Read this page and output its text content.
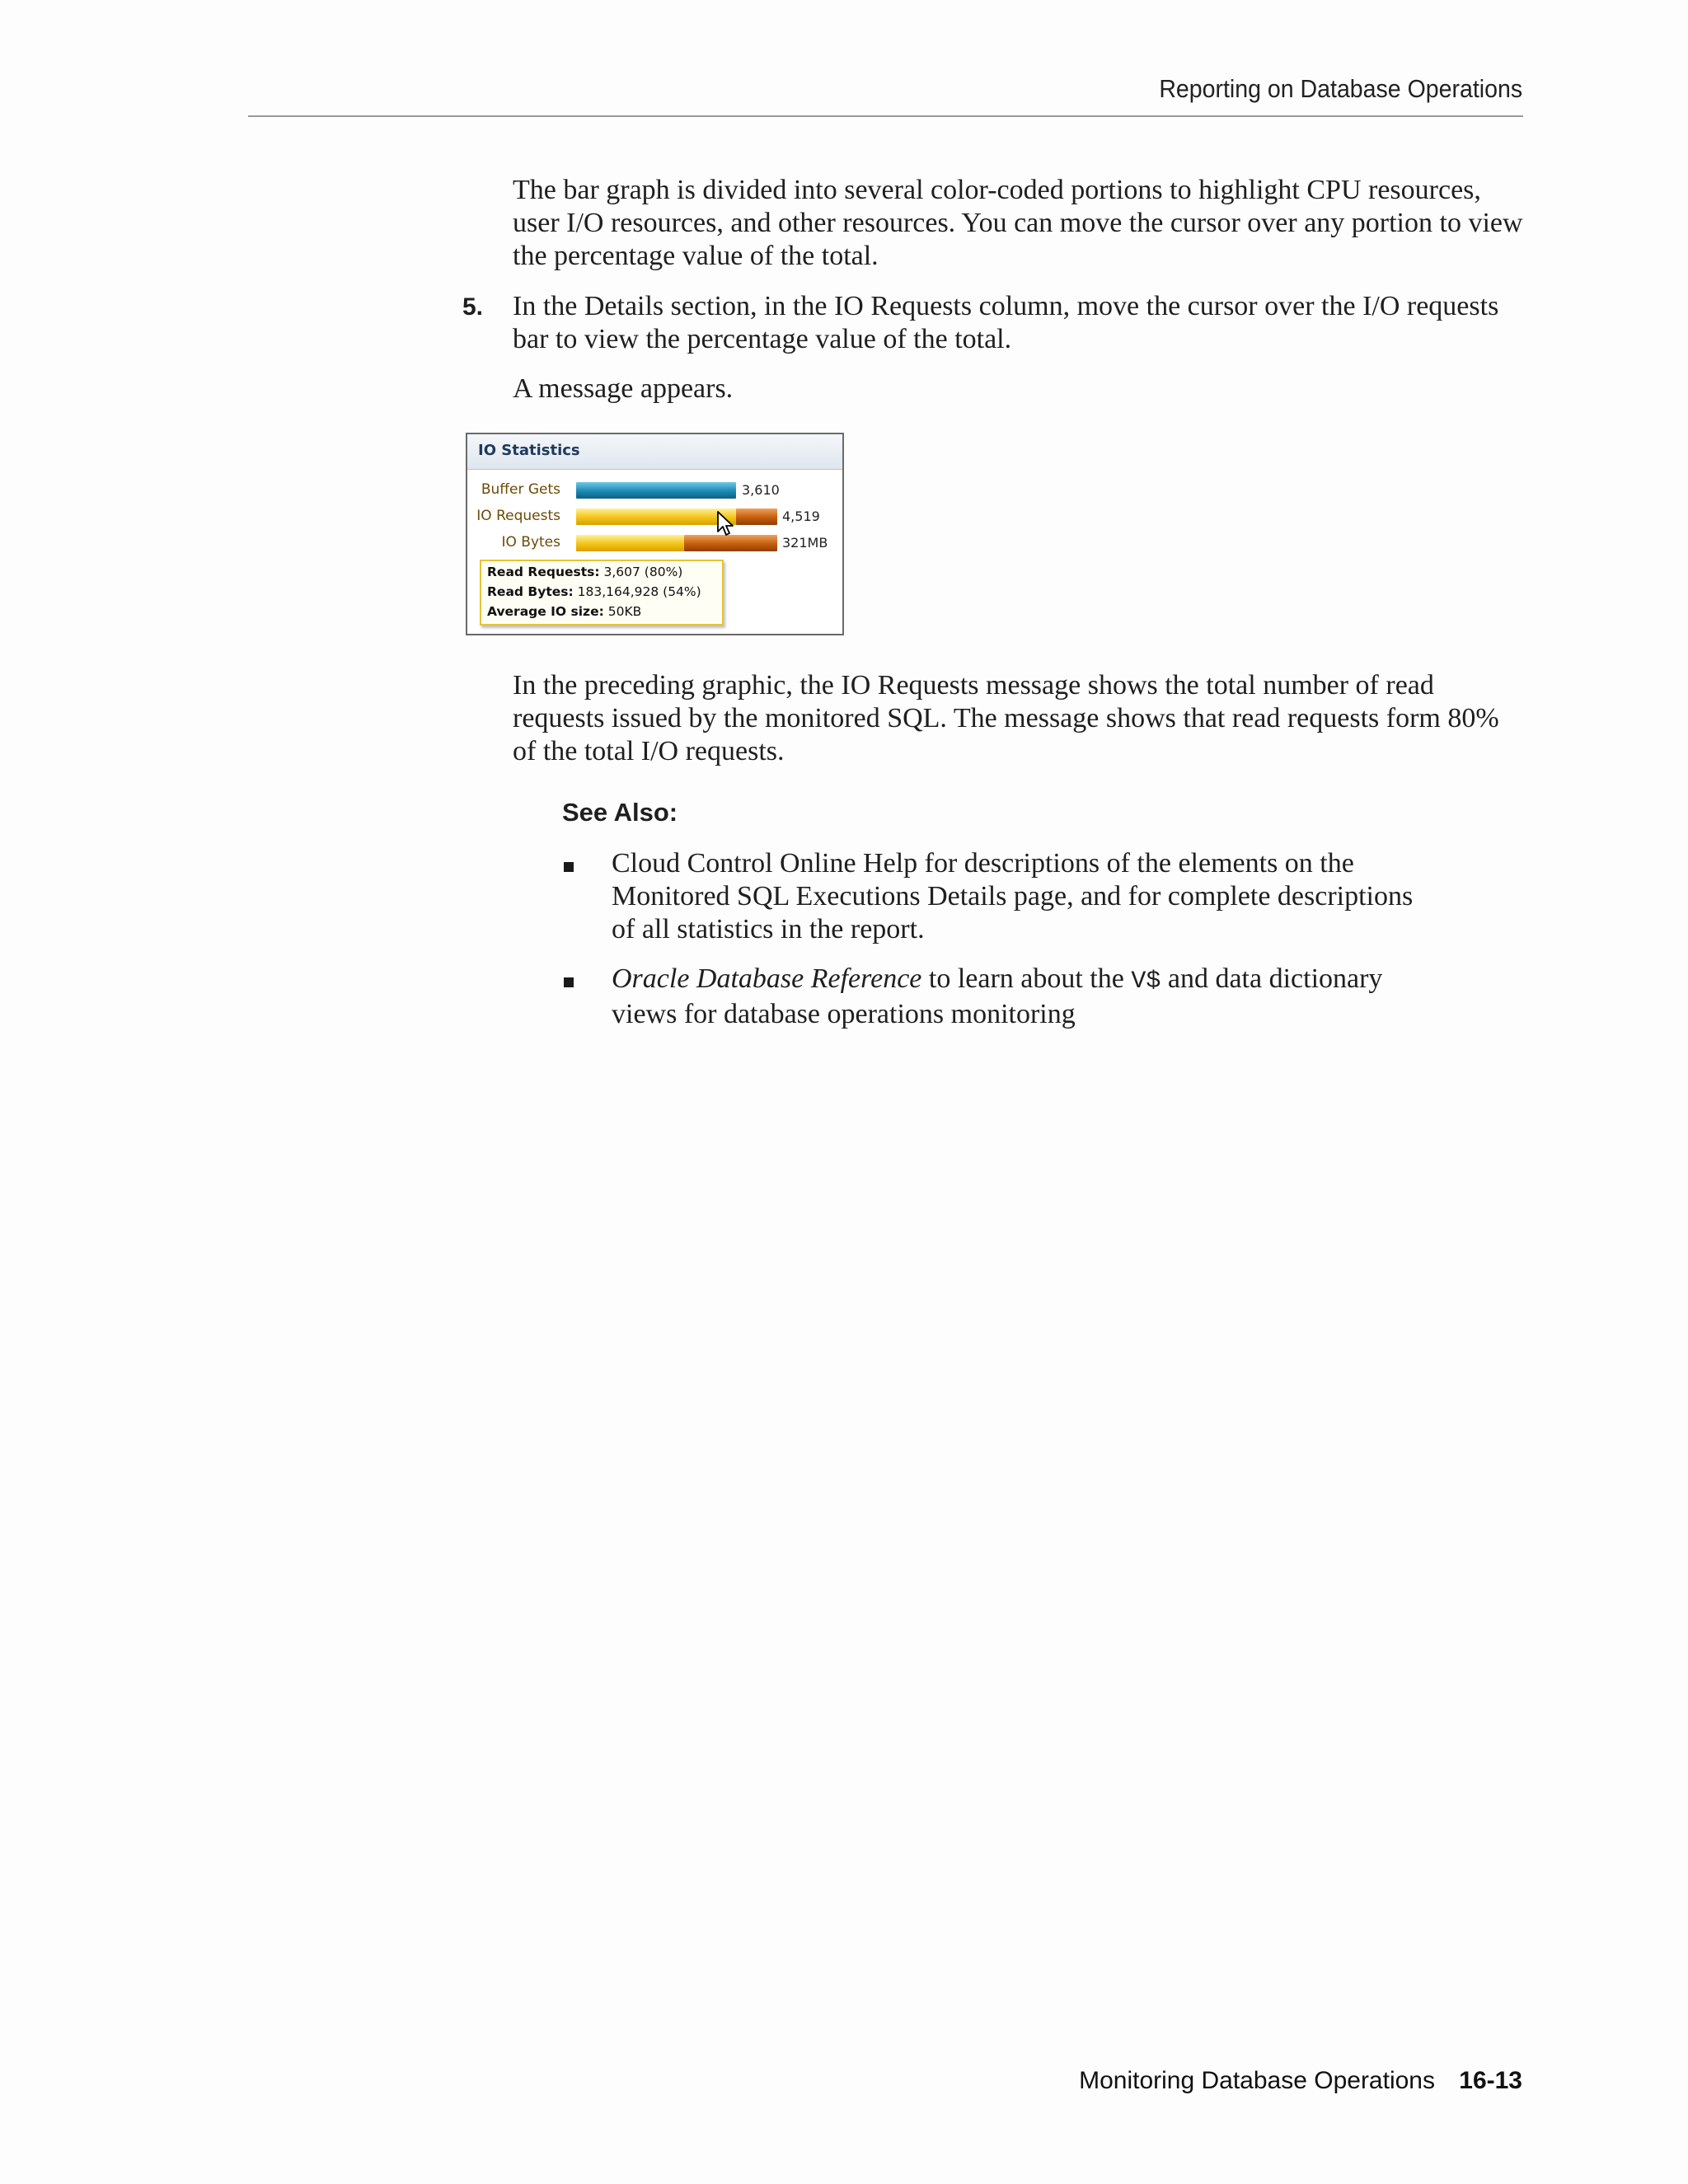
Reporting on Database Operations

The bar graph is divided into several color-coded portions to highlight CPU resources, user I/O resources, and other resources. You can move the cursor over any portion to view the percentage value of the total.

5. In the Details section, in the IO Requests column, move the cursor over the I/O requests bar to view the percentage value of the total.

A message appears.

IO Statistics
Buffer Gets	3,610
IO Requests	4,519
IO Bytes	321MB
Read Requests: 3,607 (80%)
Read Bytes: 183,164,928 (54%)
Average IO size: 50KB

In the preceding graphic, the IO Requests message shows the total number of read requests issued by the monitored SQL. The message shows that read requests form 80% of the total I/O requests.

See Also:

Cloud Control Online Help for descriptions of the elements on the Monitored SQL Executions Details page, and for complete descriptions of all statistics in the report.

Oracle Database Reference to learn about the V$ and data dictionary views for database operations monitoring

Monitoring Database Operations 16-13
